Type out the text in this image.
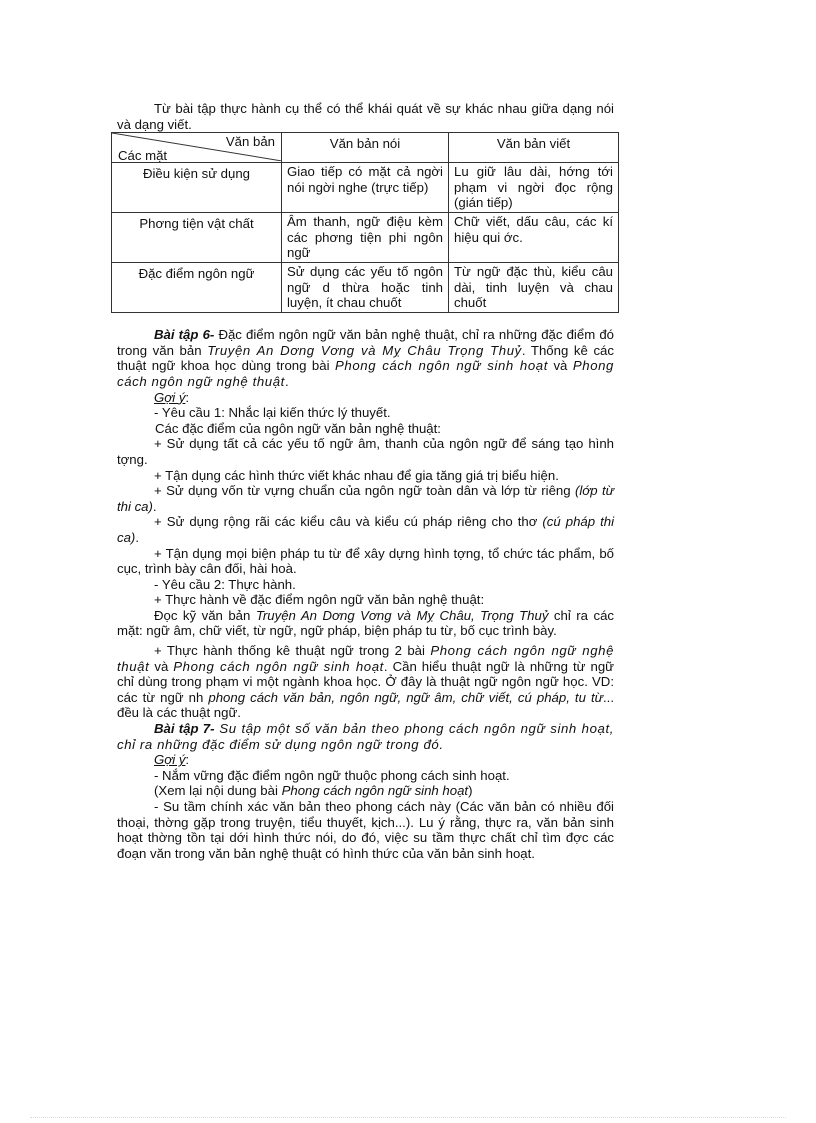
Từ bài tập thực hành cụ thể có thể khái quát về sự khác nhau giữa dạng nói và dạng viết.

Văn bản
Các mặt	Văn bản nói	Văn bản viết
Điều kiện sử dụng	Giao tiếp có mặt cả ngời nói ngời nghe (trực tiếp)	Lu giữ lâu dài, hớng tới phạm vi ngời đọc rộng (gián tiếp)
Phơng tiện vật chất	Âm thanh, ngữ điệu kèm các phơng tiện phi ngôn ngữ	Chữ viết, dấu câu, các kí hiệu qui ớc.
Đặc điểm ngôn ngữ	Sử dụng các yếu tố ngôn ngữ d thừa hoặc tinh luyện, ít chau chuốt	Từ ngữ đặc thù, kiểu câu dài, tinh luyện và chau chuốt

Bài tập 6- Đặc điểm ngôn ngữ văn bản nghệ thuật, chỉ ra những đặc điểm đó trong văn bản Truyện An Dơng Vơng và Mỵ Châu Trọng Thuỷ. Thống kê các thuật ngữ khoa học dùng trong bài Phong cách ngôn ngữ sinh hoạt và Phong cách ngôn ngữ nghệ thuật.

Gợi ý:

- Yêu cầu 1: Nhắc lại kiến thức lý thuyết.

Các đặc điểm của ngôn ngữ văn bản nghệ thuật:

+ Sử dụng tất cả các yếu tố ngữ âm, thanh của ngôn ngữ để sáng tạo hình tợng.

+ Tận dụng các hình thức viết khác nhau để gia tăng giá trị biểu hiện.

+ Sử dụng vốn từ vựng chuẩn của ngôn ngữ toàn dân và lớp từ riêng (lớp từ thi ca).

+ Sử dụng rộng rãi các kiểu câu và kiểu cú pháp riêng cho thơ (cú pháp thi ca).

+ Tận dụng mọi biện pháp tu từ để xây dựng hình tợng, tổ chức tác phẩm, bố cục, trình bày cân đối, hài hoà.

- Yêu cầu 2: Thực hành.

+ Thực hành về đặc điểm ngôn ngữ văn bản nghệ thuật:

Đọc kỹ văn bản Truyện An Dơng Vơng và Mỵ Châu, Trọng Thuỷ chỉ ra các mặt: ngữ âm, chữ viết, từ ngữ, ngữ pháp, biện pháp tu từ, bố cục trình bày.

+ Thực hành thống kê thuật ngữ trong 2 bài Phong cách ngôn ngữ nghệ thuật và Phong cách ngôn ngữ sinh hoạt. Cần hiểu thuật ngữ là những từ ngữ chỉ dùng trong phạm vi một ngành khoa học. Ở đây là thuật ngữ ngôn ngữ học. VD: các từ ngữ nh phong cách văn bản, ngôn ngữ, ngữ âm, chữ viết, cú pháp, tu từ... đều là các thuật ngữ.

Bài tập 7- Su tập một số văn bản theo phong cách ngôn ngữ sinh hoạt, chỉ ra những đặc điểm sử dụng ngôn ngữ trong đó.

Gợi ý:

- Nắm vững đặc điểm ngôn ngữ thuộc phong cách sinh hoạt.

(Xem lại nội dung bài Phong cách ngôn ngữ sinh hoạt)

- Su tầm chính xác văn bản theo phong cách này (Các văn bản có nhiều đối thoại, thờng gặp trong truyện, tiểu thuyết, kịch...). Lu ý rằng, thực ra, văn bản sinh hoạt thờng tồn tại dới hình thức nói, do đó, việc su tầm thực chất chỉ tìm đợc các đoạn văn trong văn bản nghệ thuật có hình thức của văn bản sinh hoạt.
